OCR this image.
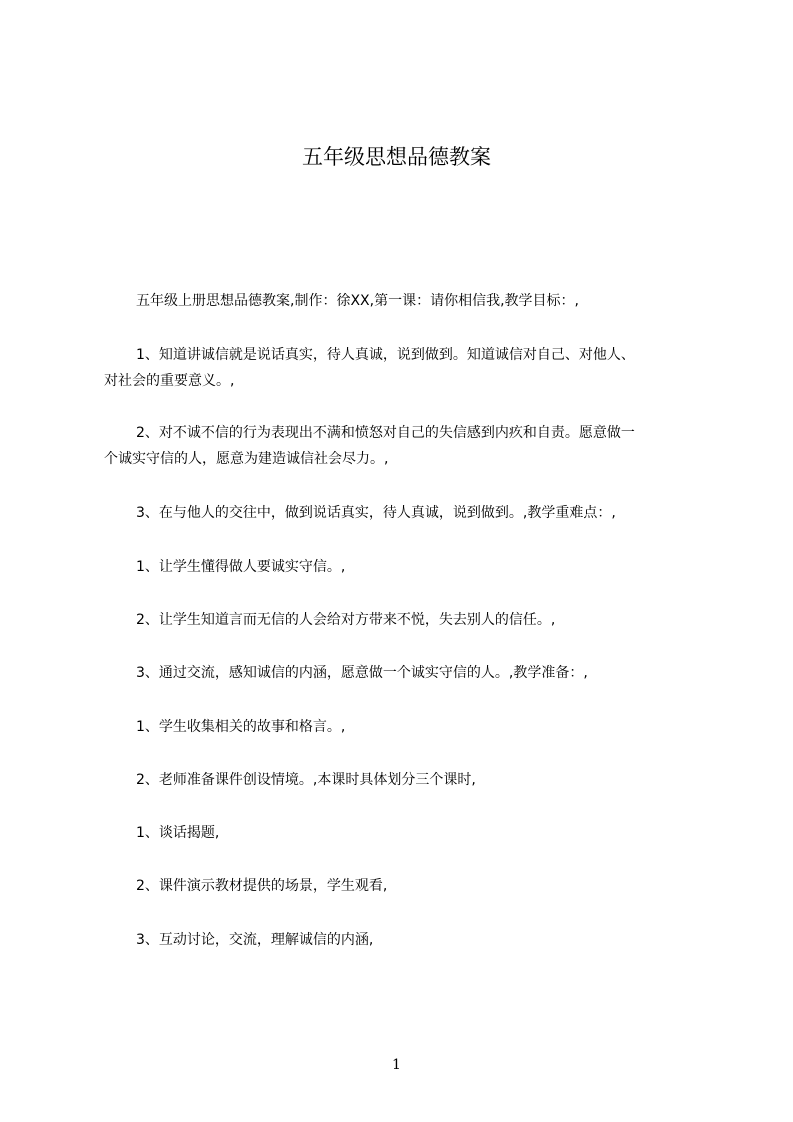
五年级思想品德教案
五年级上册思想品德教案,制作：徐XX,第一课：请你相信我,教学目标：,
1、知道讲诚信就是说话真实，待人真诚，说到做到。知道诚信对自己、对他人、
对社会的重要意义。,
2、对不诚不信的行为表现出不满和愤怒对自己的失信感到内疚和自责。愿意做一
个诚实守信的人，愿意为建造诚信社会尽力。,
3、在与他人的交往中，做到说话真实，待人真诚，说到做到。,教学重难点：,
1、让学生懂得做人要诚实守信。,
2、让学生知道言而无信的人会给对方带来不悦，失去别人的信任。,
3、通过交流，感知诚信的内涵，愿意做一个诚实守信的人。,教学准备：,
1、学生收集相关的故事和格言。,
2、老师准备课件创设情境。,本课时具体划分三个课时,
1、谈话揭题,
2、课件演示教材提供的场景，学生观看,
3、互动讨论，交流，理解诚信的内涵,
1
